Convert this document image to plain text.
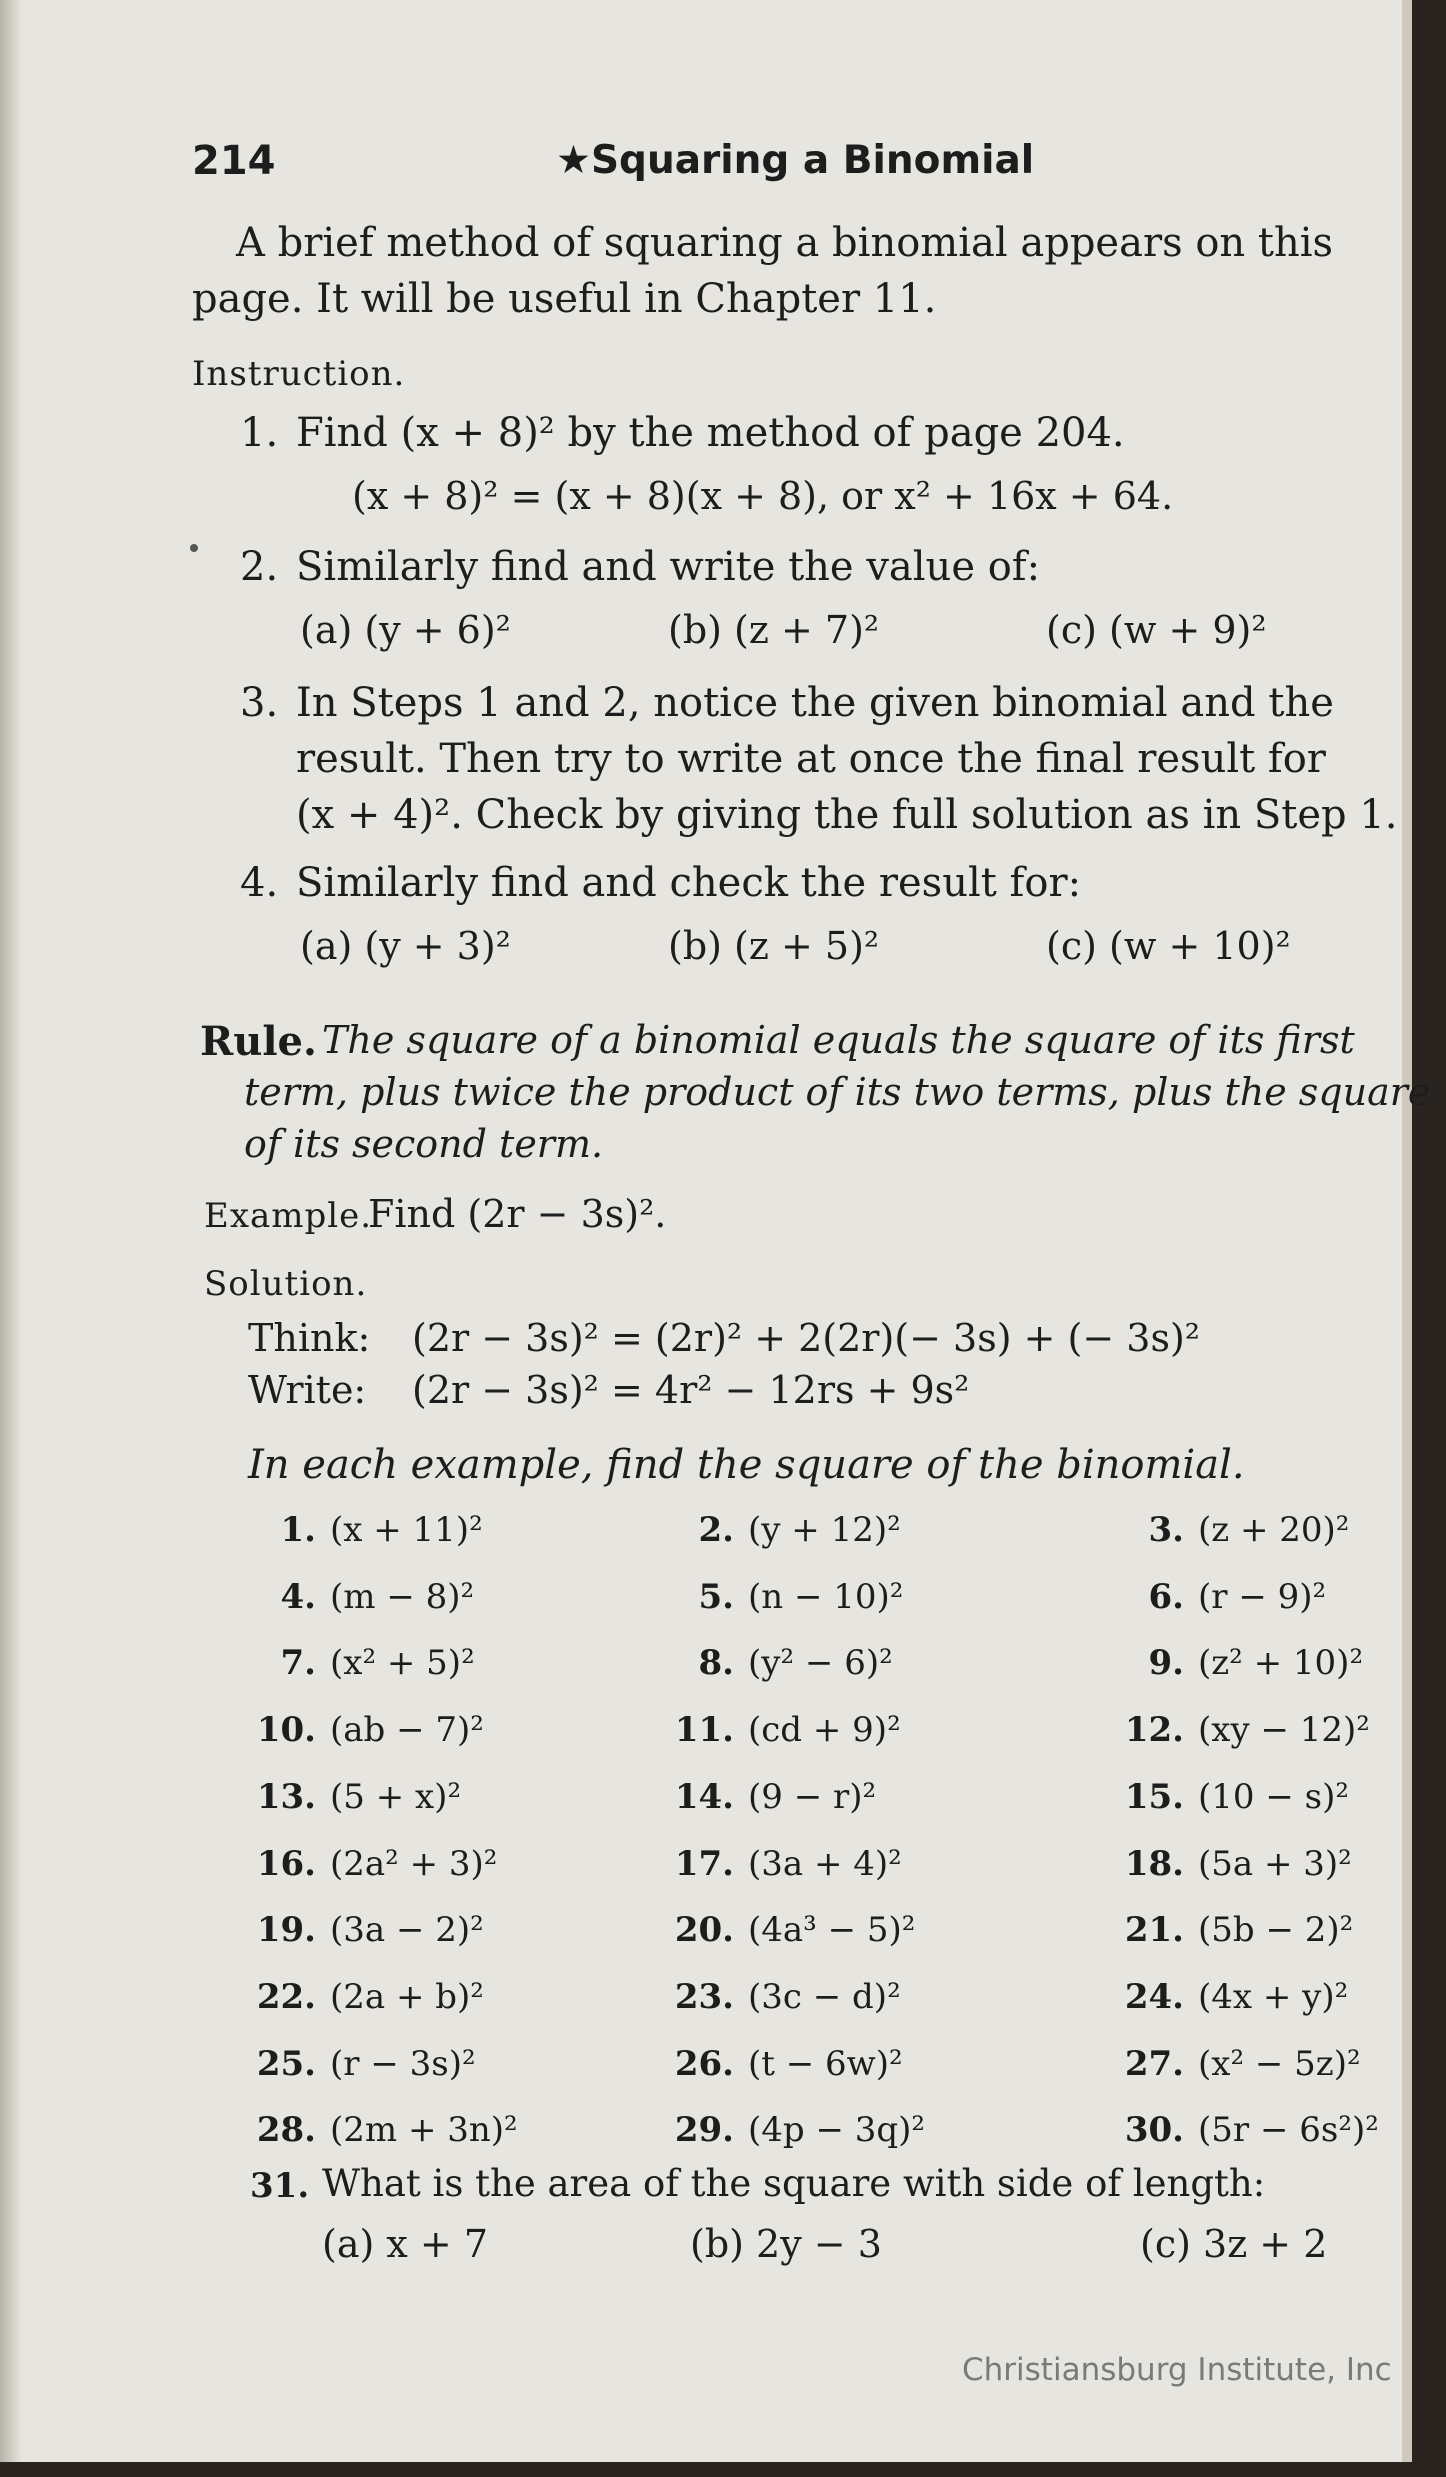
214	★Squaring a Binomial
A brief method of squaring a binomial appears on this
page. It will be useful in Chapter 11.
Instruction.
1. Find (x + 8)² by the method of page 204.
(x + 8)² = (x + 8)(x + 8), or x² + 16x + 64.
2. Similarly find and write the value of:
(a) (y + 6)²	(b) (z + 7)²	(c) (w + 9)²
3. In Steps 1 and 2, notice the given binomial and the
result. Then try to write at once the final result for
(x + 4)². Check by giving the full solution as in Step 1.
4. Similarly find and check the result for:
(a) (y + 3)²	(b) (z + 5)²	(c) (w + 10)²
Rule. The square of a binomial equals the square of its first
term, plus twice the product of its two terms, plus the square
of its second term.
Example.
Find (2r − 3s)².
Solution.
Think: (2r − 3s)² = (2r)² + 2(2r)(− 3s) + (− 3s)²
Write: (2r − 3s)² = 4r² − 12rs + 9s²
In each example, find the square of the binomial.
1. (x + 11)²	2. (y + 12)²	3. (z + 20)²
4. (m − 8)²	5. (n − 10)²	6. (r − 9)²
7. (x² + 5)²	8. (y² − 6)²	9. (z² + 10)²
10. (ab − 7)²	11. (cd + 9)²	12. (xy − 12)²
13. (5 + x)²	14. (9 − r)²	15. (10 − s)²
16. (2a² + 3)²	17. (3a + 4)²	18. (5a + 3)²
19. (3a − 2)²	20. (4a³ − 5)²	21. (5b − 2)²
22. (2a + b)²	23. (3c − d)²	24. (4x + y)²
25. (r − 3s)²	26. (t − 6w)²	27. (x² − 5z)²
28. (2m + 3n)²	29. (4p − 3q)²	30. (5r − 6s²)²
31. What is the area of the square with side of length:
(a) x + 7	(b) 2y − 3	(c) 3z + 2
Christiansburg Institute, Inc
